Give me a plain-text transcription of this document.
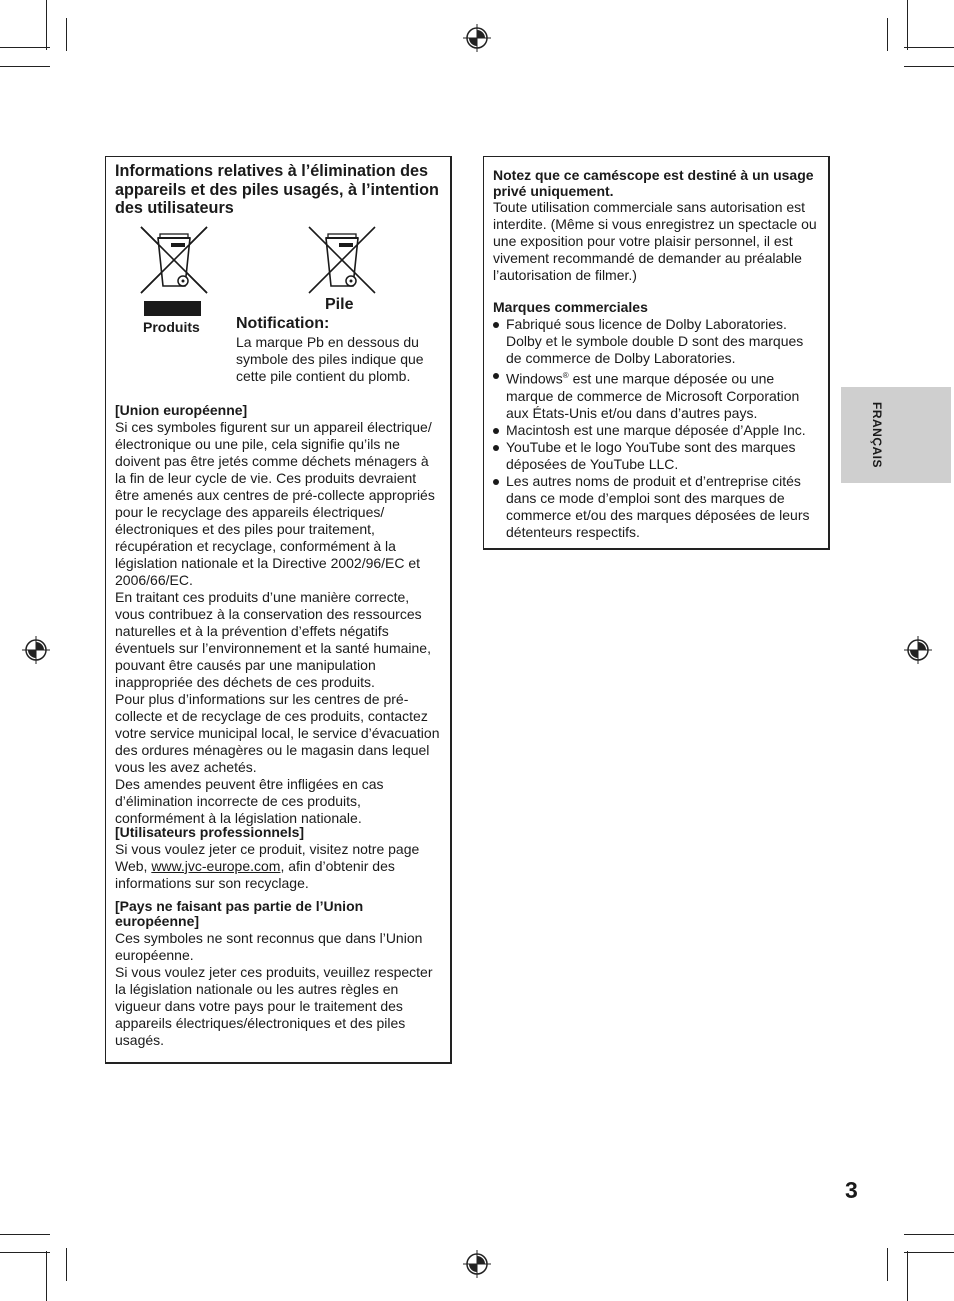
Informations relatives à l’élimination des appareils et des piles usagés, à l’intention des utilisateurs

Produits
Pile
Notification:
La marque Pb en dessous du symbole des piles indique que cette pile contient du plomb.

[Union européenne]

Si ces symboles figurent sur un appareil électrique/électronique ou une pile, cela signifie qu’ils ne doivent pas être jetés comme déchets ménagers à la fin de leur cycle de vie. Ces produits devraient être amenés aux centres de pré-collecte appropriés pour le recyclage des appareils électriques/électroniques et des piles pour traitement, récupération et recyclage, conformément à la législation nationale et la Directive 2002/96/EC et 2006/66/EC.

En traitant ces produits d’une manière correcte, vous contribuez à la conservation des ressources naturelles et à la prévention d’effets négatifs éventuels sur l’environnement et la santé humaine, pouvant être causés par une manipulation inappropriée des déchets de ces produits.

Pour plus d’informations sur les centres de pré-collecte et de recyclage de ces produits, contactez votre service municipal local, le service d’évacuation des ordures ménagères ou le magasin dans lequel vous les avez achetés.

Des amendes peuvent être infligées en cas d’élimination incorrecte de ces produits, conformément à la législation nationale.

[Utilisateurs professionnels]

Si vous voulez jeter ce produit, visitez notre page Web, www.jvc-europe.com, afin d’obtenir des informations sur son recyclage.

[Pays ne faisant pas partie de l’Union européenne]

Ces symboles ne sont reconnus que dans l’Union européenne.

Si vous voulez jeter ces produits, veuillez respecter la législation nationale ou les autres règles en vigueur dans votre pays pour le traitement des appareils électriques/électroniques et des piles usagés.

Notez que ce caméscope est destiné à un usage privé uniquement.

Toute utilisation commerciale sans autorisation est interdite. (Même si vous enregistrez un spectacle ou une exposition pour votre plaisir personnel, il est vivement recommandé de demander au préalable l’autorisation de filmer.)

Marques commerciales

Fabriqué sous licence de Dolby Laboratories. Dolby et le symbole double D sont des marques de commerce de Dolby Laboratories.
Windows® est une marque déposée ou une marque de commerce de Microsoft Corporation aux États-Unis et/ou dans d’autres pays.
Macintosh est une marque déposée d’Apple Inc.
YouTube et le logo YouTube sont des marques déposées de YouTube LLC.
Les autres noms de produit et d’entreprise cités dans ce mode d’emploi sont des marques de commerce et/ou des marques déposées de leurs détenteurs respectifs.
FRANÇAIS
3
